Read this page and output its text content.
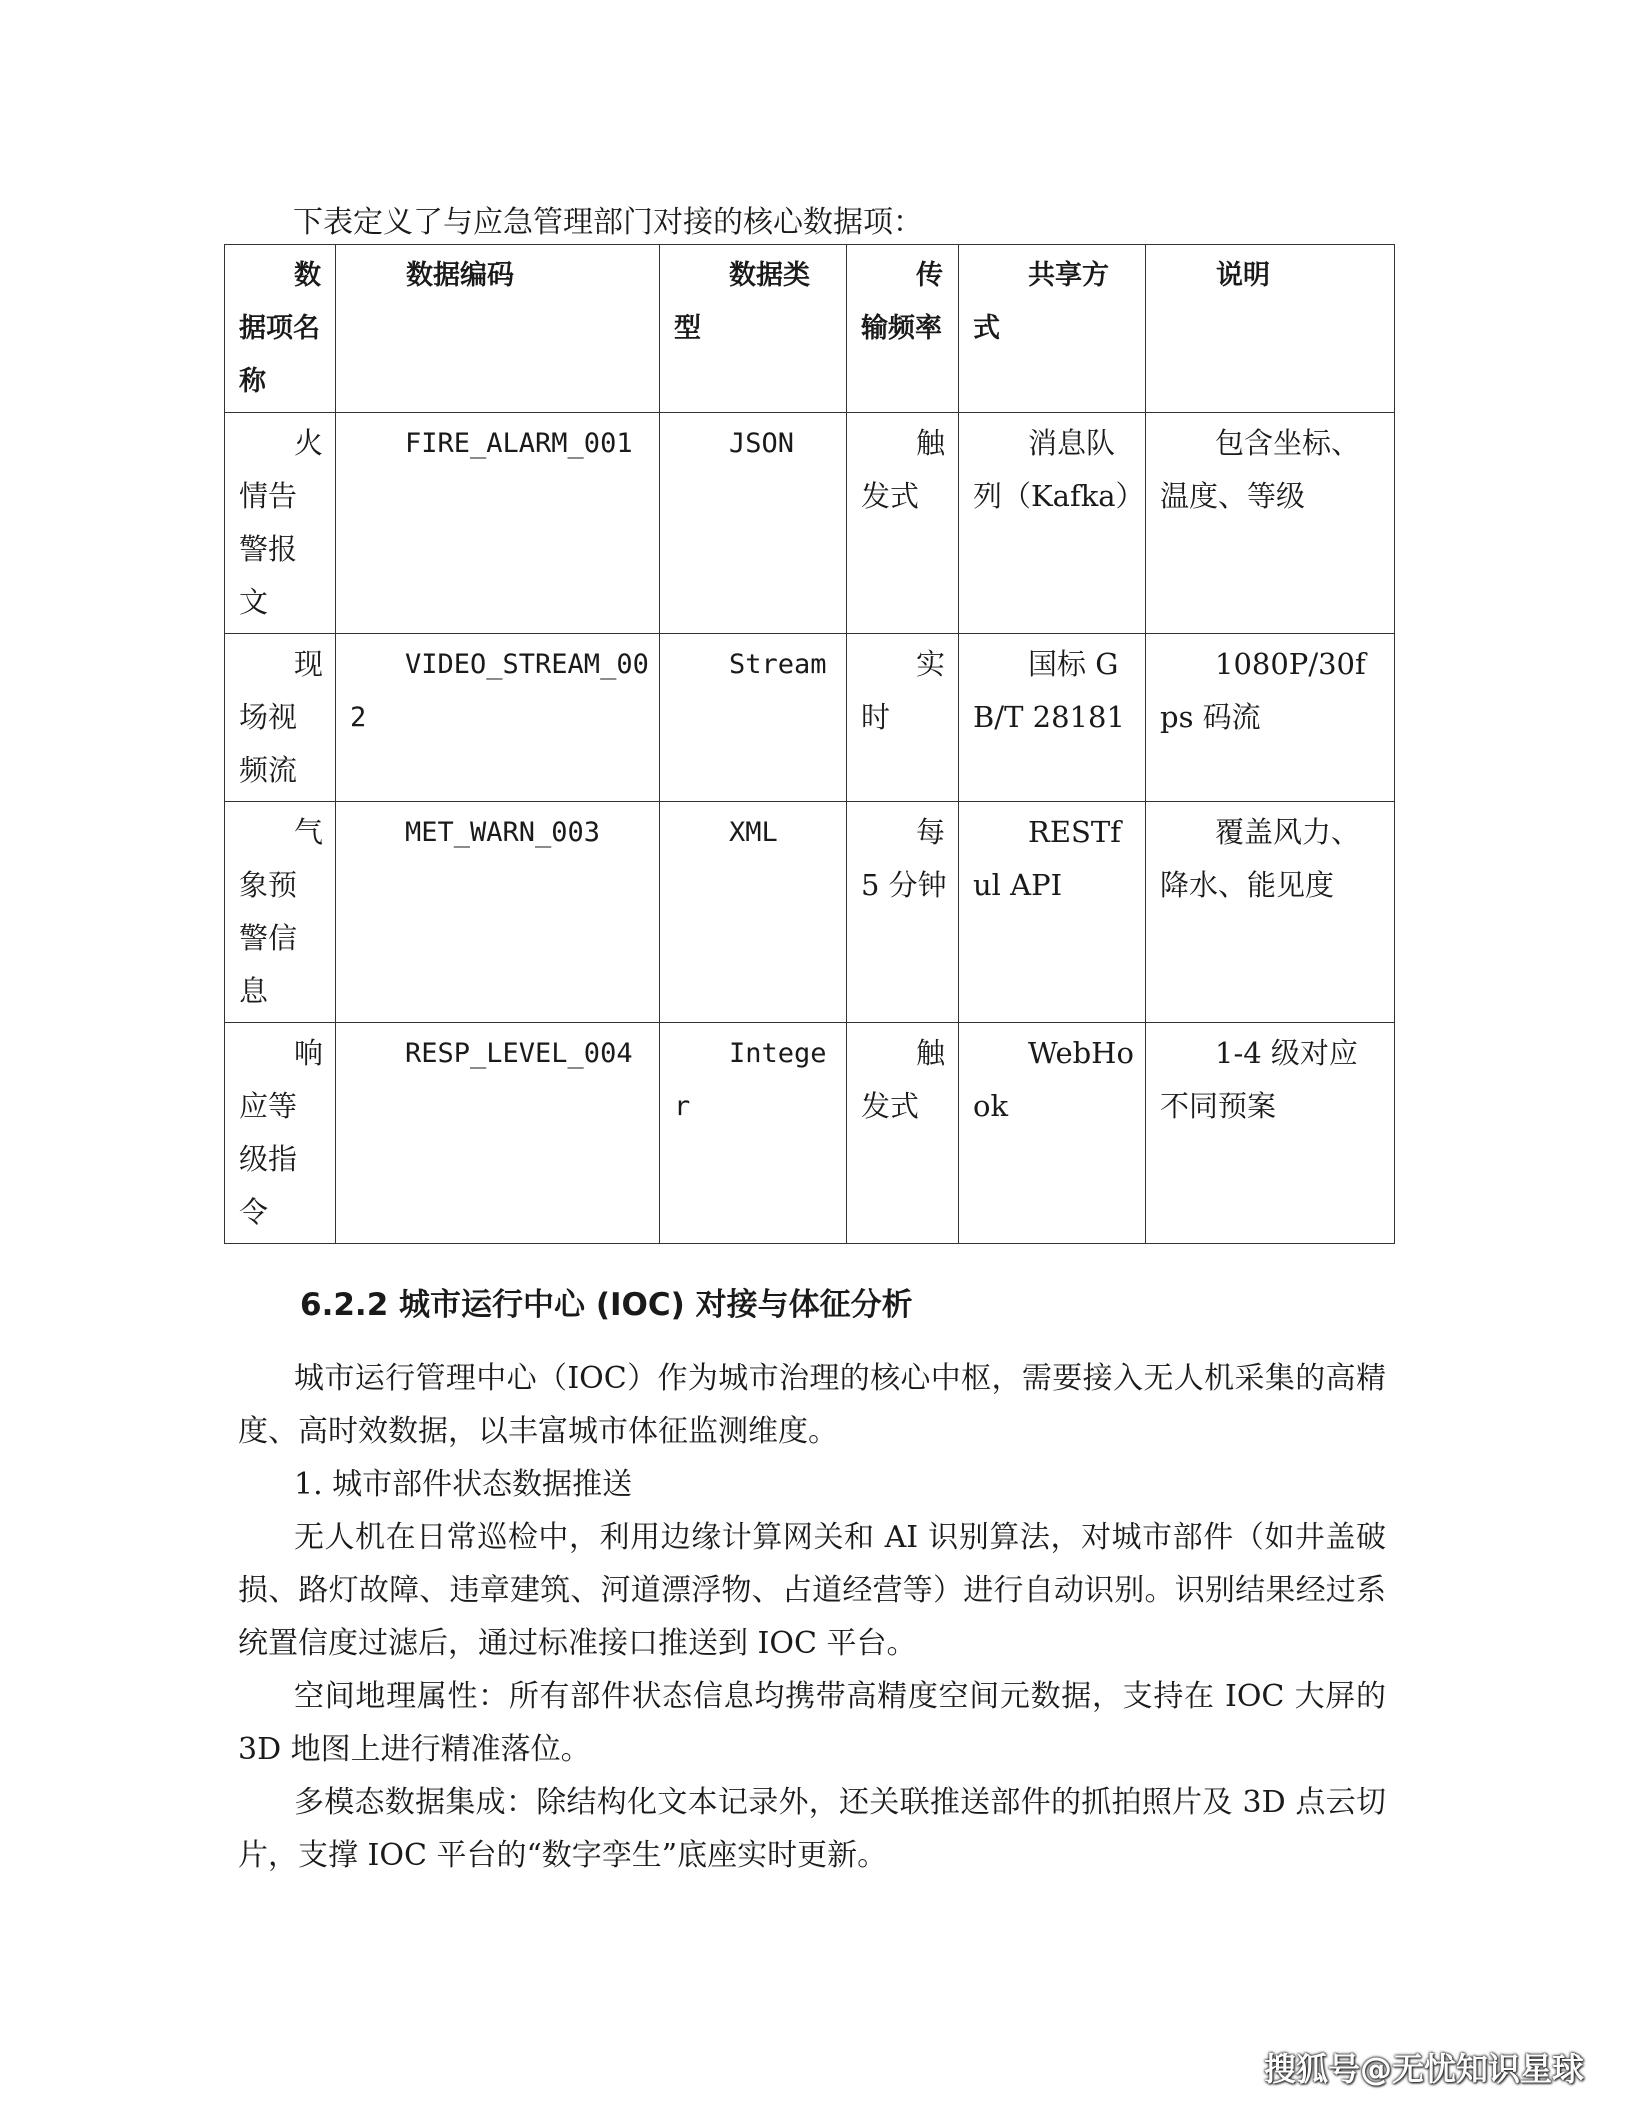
下表定义了与应急管理部门对接的核心数据项：
数据项名称	数据编码	数据类型	传输频率	共享方式	说明
火情告警报文	FIRE_ALARM_001	JSON	触发式	消息队列（Kafka）	包含坐标、温度、等级
现场视频流	VIDEO_STREAM_002	Stream	实时	国标 GB/T 28181	1080P/30fps 码流
气象预警信息	MET_WARN_003	XML	每 5 分钟	RESTful API	覆盖风力、降水、能见度
响应等级指令	RESP_LEVEL_004	Integer	触发式	WebHook	1-4 级对应不同预案
6.2.2 城市运行中心 (IOC) 对接与体征分析

城市运行管理中心（IOC）作为城市治理的核心中枢，需要接入无人机采集的高精度、高时效数据，以丰富城市体征监测维度。

1. 城市部件状态数据推送

无人机在日常巡检中，利用边缘计算网关和 AI 识别算法，对城市部件（如井盖破损、路灯故障、违章建筑、河道漂浮物、占道经营等）进行自动识别。识别结果经过系统置信度过滤后，通过标准接口推送到 IOC 平台。

空间地理属性：所有部件状态信息均携带高精度空间元数据，支持在 IOC 大屏的 3D 地图上进行精准落位。

多模态数据集成：除结构化文本记录外，还关联推送部件的抓拍照片及 3D 点云切片，支撑 IOC 平台的“数字孪生”底座实时更新。

搜狐号@无忧知识星球
